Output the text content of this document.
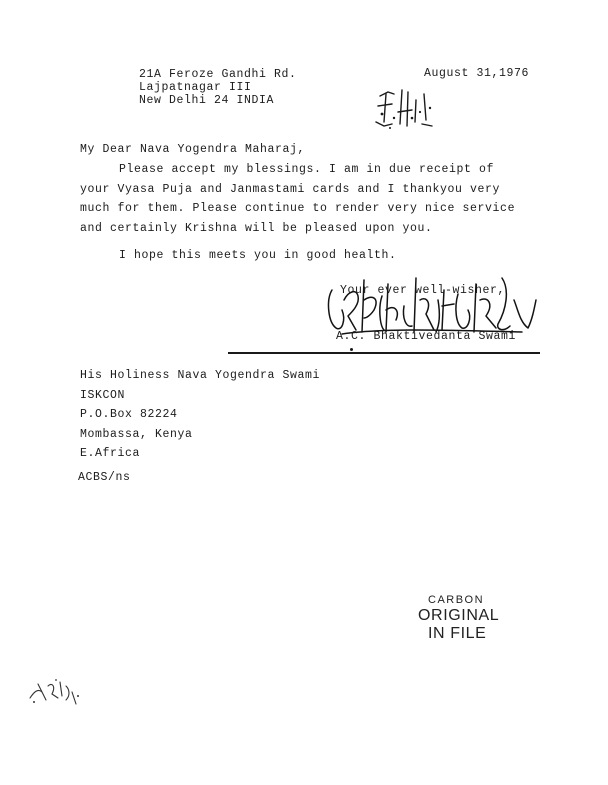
21A Feroze Gandhi Rd.
Lajpatnagar III
New Delhi 24 INDIA
August 31,1976
My Dear Nava Yogendra Maharaj,
Please accept my blessings. I am in due receipt of
your Vyasa Puja and Janmastami cards and I thankyou very
much for them. Please continue to render very nice service
and certainly Krishna will be pleased upon you.
I hope this meets you in good health.
Your ever well-wisher,
A.C. Bhaktivedanta Swami
His Holiness Nava Yogendra Swami
ISKCON
P.O.Box 82224
Mombassa, Kenya
E.Africa
ACBS/ns
CARBON
ORIGINAL
IN FILE
